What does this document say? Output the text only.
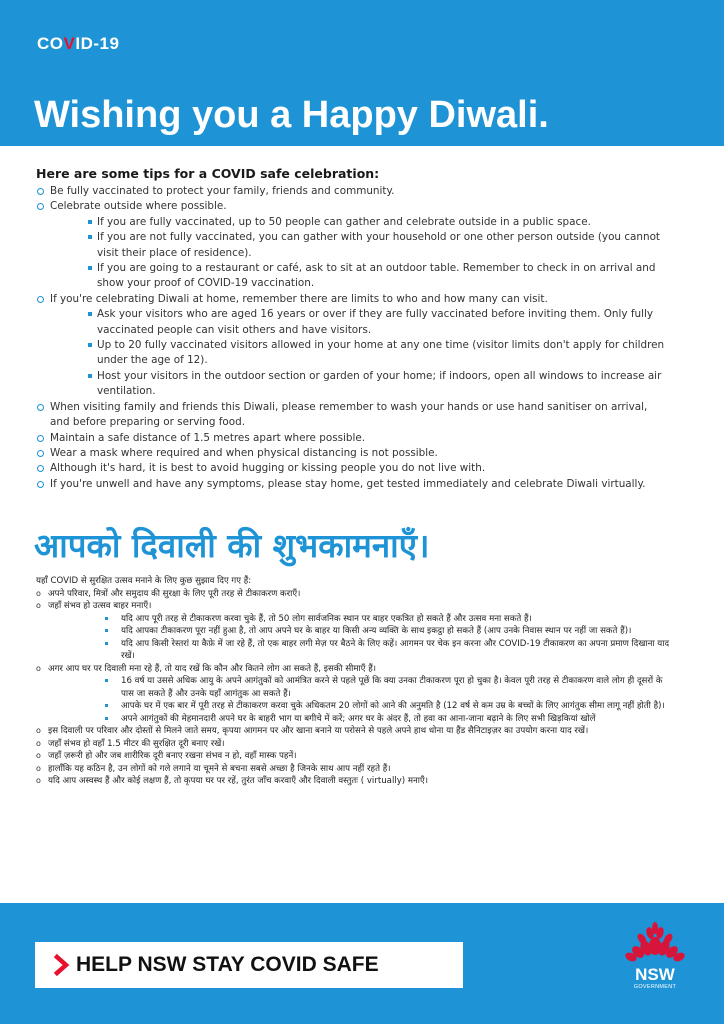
COVID-19
Wishing you a Happy Diwali.
Here are some tips for a COVID safe celebration:
Be fully vaccinated to protect your family, friends and community.
Celebrate outside where possible.
If you are fully vaccinated, up to 50 people can gather and celebrate outside in a public space.
If you are not fully vaccinated, you can gather with your household or one other person outside (you cannot visit their place of residence).
If you are going to a restaurant or café, ask to sit at an outdoor table. Remember to check in on arrival and show your proof of COVID-19 vaccination.
If you're celebrating Diwali at home, remember there are limits to who and how many can visit.
Ask your visitors who are aged 16 years or over if they are fully vaccinated before inviting them. Only fully vaccinated people can visit others and have visitors.
Up to 20 fully vaccinated visitors allowed in your home at any one time (visitor limits don't apply for children under the age of 12).
Host your visitors in the outdoor section or garden of your home; if indoors, open all windows to increase air ventilation.
When visiting family and friends this Diwali, please remember to wash your hands or use hand sanitiser on arrival, and before preparing or serving food.
Maintain a safe distance of 1.5 metres apart where possible.
Wear a mask where required and when physical distancing is not possible.
Although it's hard, it is best to avoid hugging or kissing people you do not live with.
If you're unwell and have any symptoms, please stay home, get tested immediately and celebrate Diwali virtually.
आपको दिवाली की शुभकामनाएँ।

यहाँ COVID से सुरक्षित उत्सव मनाने के लिए कुछ सुझाव दिए गए हैं:

o अपने परिवार, मित्रों और समुदाय की सुरक्षा के लिए पूरी तरह से टीकाकरण कराएँ।
o जहाँ संभव हो उत्सव बाहर मनाएँ।
यदि आप पूरी तरह से टीकाकरण करवा चुके हैं, तो 50 लोग सार्वजनिक स्थान पर बाहर एकत्रित हो सकते हैं और उत्सव मना सकते हैं।
यदि आपका टीकाकरण पूरा नहीं हुआ है, तो आप अपने घर के बाहर या किसी अन्य व्यक्ति के साथ इकट्ठा हो सकते हैं (आप उनके निवास स्थान पर नहीं जा सकते हैं)।
यदि आप किसी रेस्तरां या कैफ़े में जा रहे हैं, तो एक बाहर लगी मेज़ पर बैठने के लिए कहें। आगमन पर चेक इन करना और COVID-19 टीकाकरण का अपना प्रमाण दिखाना याद रखें।
o अगर आप घर पर दिवाली मना रहे हैं, तो याद रखें कि कौन और कितने लोग आ सकते हैं, इसकी सीमाएँ हैं।
16 वर्ष या उससे अधिक आयु के अपने आगंतुकों को आमंत्रित करने से पहले पूछें कि क्या उनका टीकाकरण पूरा हो चुका है। केवल पूरी तरह से टीकाकरण वाले लोग ही दूसरों के पास जा सकते हैं और उनके यहाँ आगंतुक आ सकते हैं।
आपके घर में एक बार में पूरी तरह से टीकाकरण करवा चुके अधिकतम 20 लोगों को आने की अनुमति है (12 वर्ष से कम उम्र के बच्चों के लिए आगंतुक सीमा लागू नहीं होती है)।
अपने आगंतुकों की मेहमानदारी अपने घर के बाहरी भाग या बगीचे में करें; अगर घर के अंदर हैं, तो हवा का आना-जाना बढ़ाने के लिए सभी खिड़कियां खोलें
o इस दिवाली पर परिवार और दोस्तों से मिलने जाते समय, कृपया आगमन पर और खाना बनाने या परोसने से पहले अपने हाथ धोना या हैंड सैनिटाइज़र का उपयोग करना याद रखें।
o जहाँ संभव हो वहाँ 1.5 मीटर की सुरक्षित दूरी बनाए रखें।
o जहाँ ज़रूरी हो और जब शारीरिक दूरी बनाए रखना संभव न हो, वहाँ मास्क पहनें।
o हालाँकि यह कठिन है, उन लोगों को गले लगाने या चूमने से बचना सबसे अच्छा है जिनके साथ आप नहीं रहते हैं।
o यदि आप अस्वस्थ हैं और कोई लक्षण हैं, तो कृपया घर पर रहें, तुरंत जाँच करवाएँ और दिवाली वस्तुतः ( virtually) मनाएँ।
HELP NSW STAY COVID SAFE	NSW
GOVERNMENT
